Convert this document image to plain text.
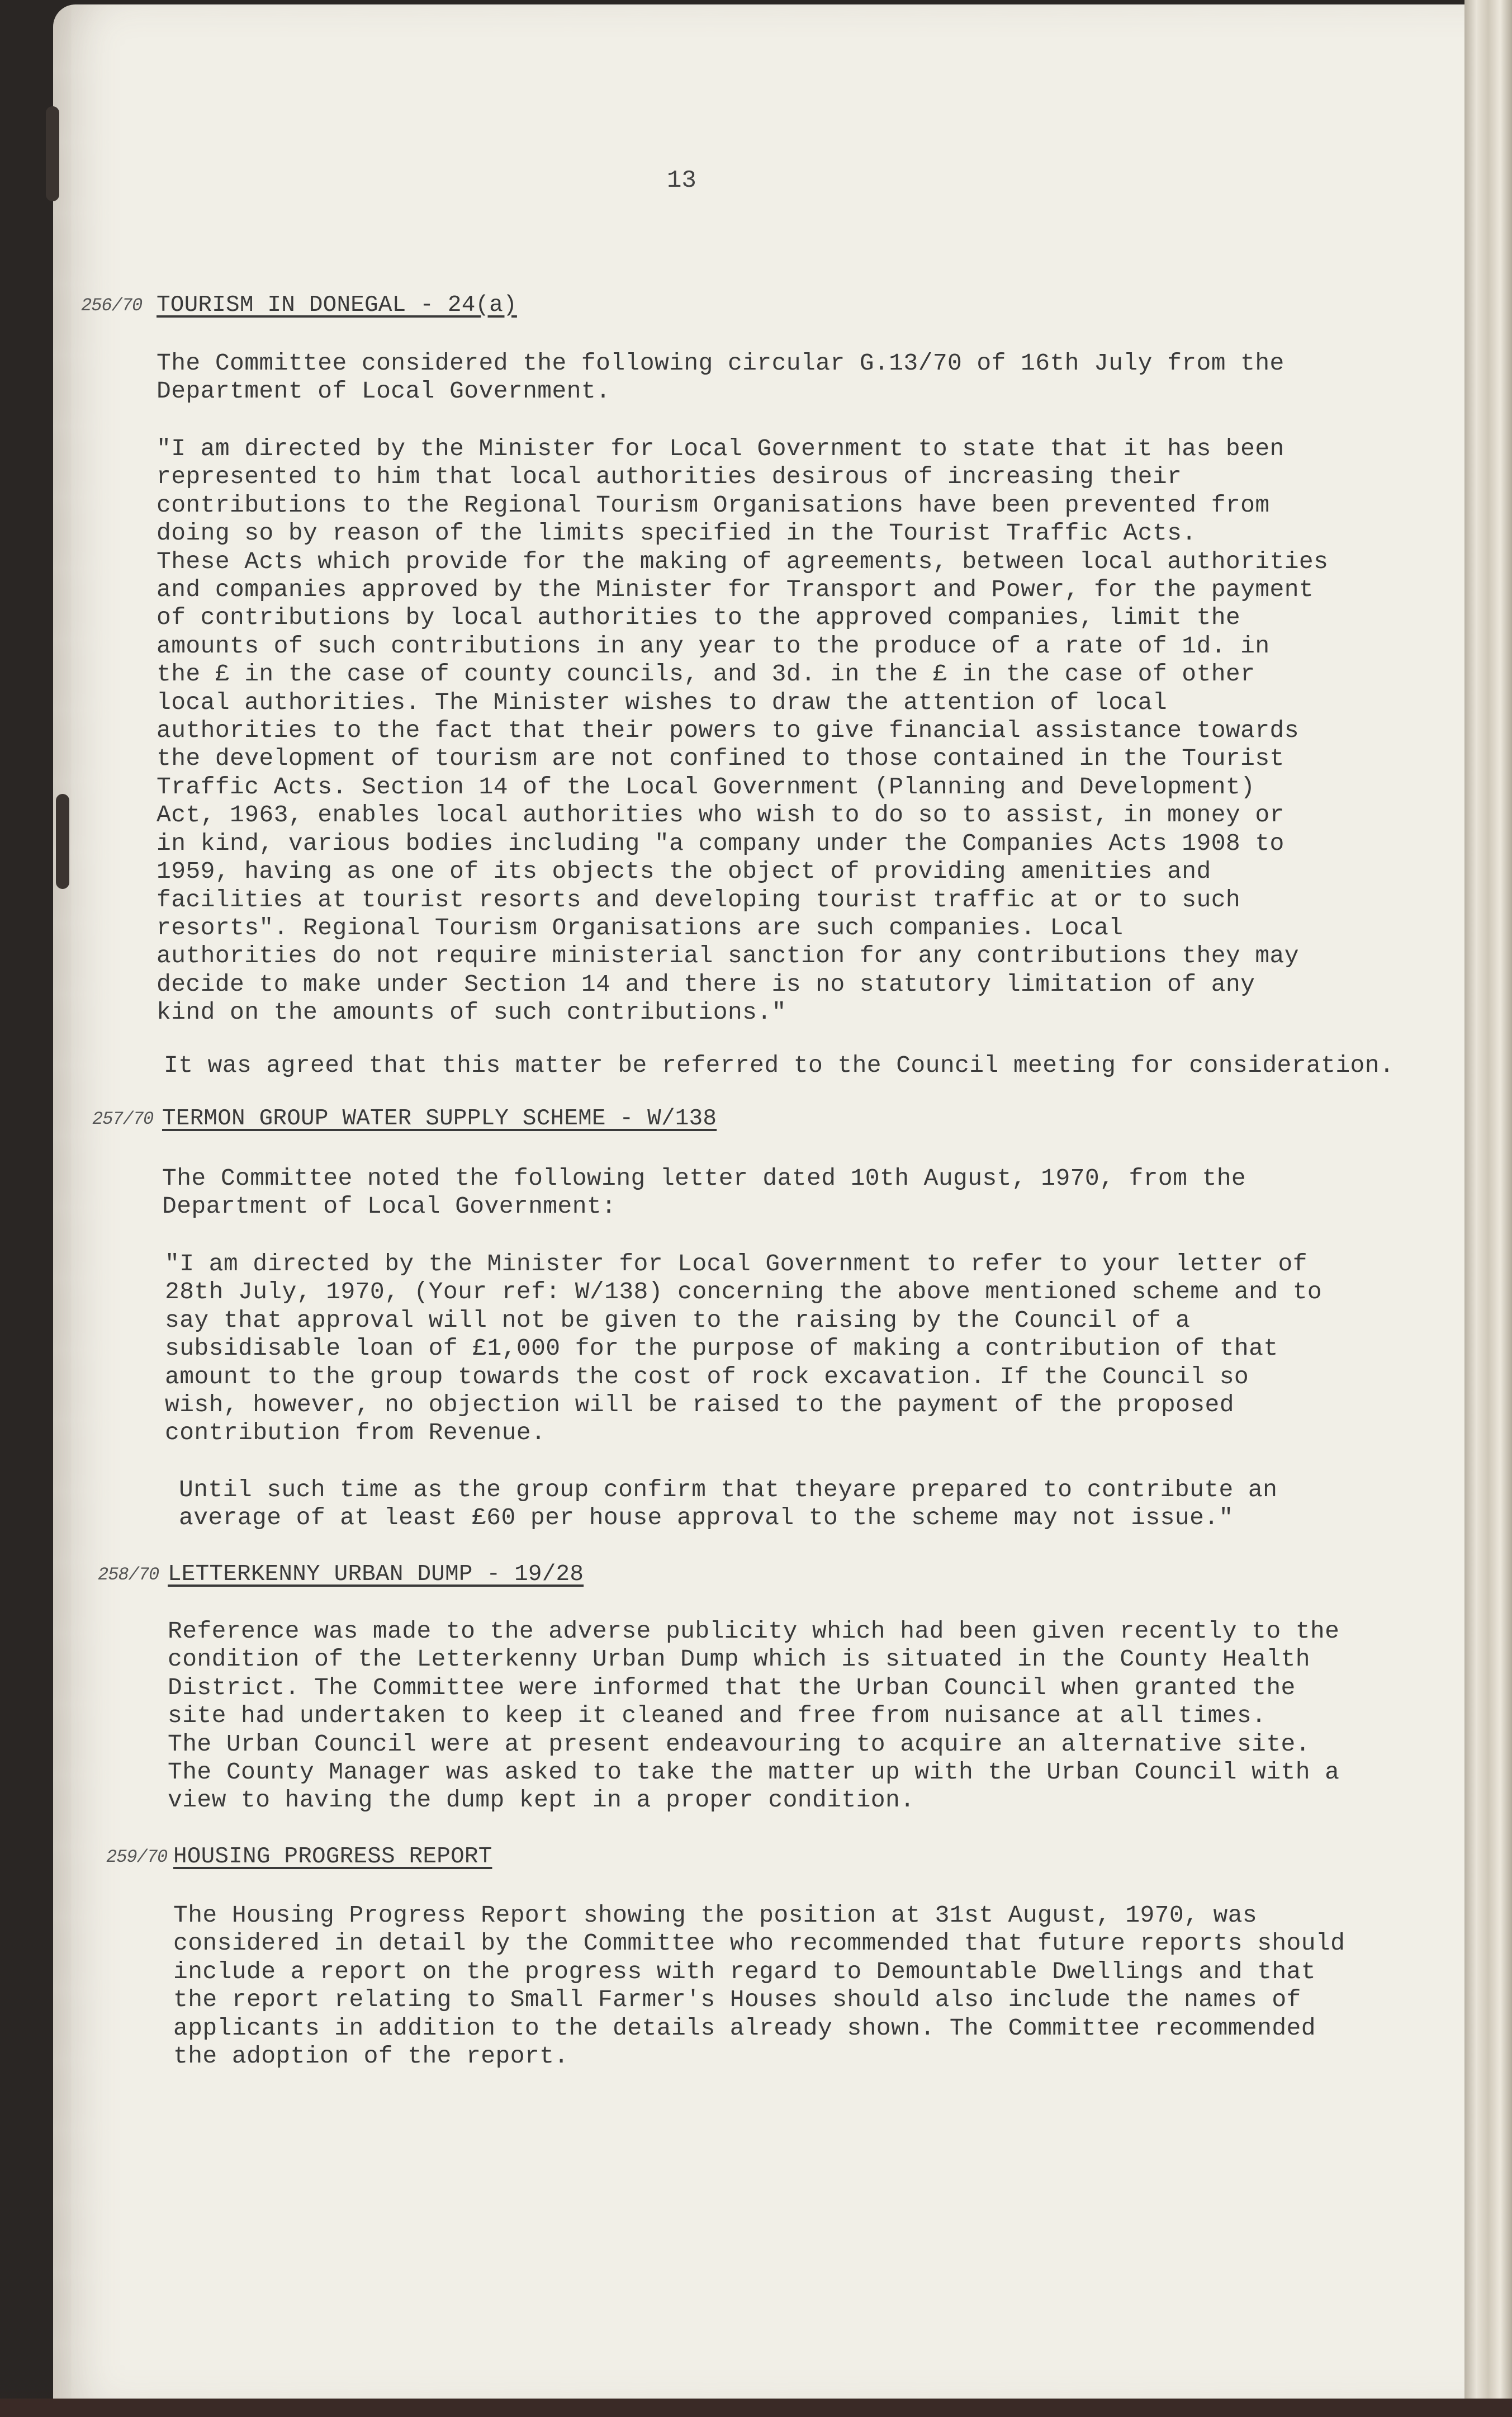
13
256/70 TOURISM IN DONEGAL - 24(a)
The Committee considered the following circular G.13/70 of 16th July from the
Department of Local Government.
"I am directed by the Minister for Local Government to state that it has been
represented to him that local authorities desirous of increasing their
contributions to the Regional Tourism Organisations have been prevented from
doing so by reason of the limits specified in the Tourist Traffic Acts.
These Acts which provide for the making of agreements, between local authorities
and companies approved by the Minister for Transport and Power, for the payment
of contributions by local authorities to the approved companies, limit the
amounts of such contributions in any year to the produce of a rate of 1d. in
the £ in the case of county councils, and 3d. in the £ in the case of other
local authorities. The Minister wishes to draw the attention of local
authorities to the fact that their powers to give financial assistance towards
the development of tourism are not confined to those contained in the Tourist
Traffic Acts. Section 14 of the Local Government (Planning and Development)
Act, 1963, enables local authorities who wish to do so to assist, in money or
in kind, various bodies including "a company under the Companies Acts 1908 to
1959, having as one of its objects the object of providing amenities and
facilities at tourist resorts and developing tourist traffic at or to such
resorts". Regional Tourism Organisations are such companies. Local
authorities do not require ministerial sanction for any contributions they may
decide to make under Section 14 and there is no statutory limitation of any
kind on the amounts of such contributions."
It was agreed that this matter be referred to the Council meeting for consideration.
257/70 TERMON GROUP WATER SUPPLY SCHEME - W/138
The Committee noted the following letter dated 10th August, 1970, from the
Department of Local Government:
"I am directed by the Minister for Local Government to refer to your letter of
28th July, 1970, (Your ref: W/138) concerning the above mentioned scheme and to
say that approval will not be given to the raising by the Council of a
subsidisable loan of £1,000 for the purpose of making a contribution of that
amount to the group towards the cost of rock excavation. If the Council so
wish, however, no objection will be raised to the payment of the proposed
contribution from Revenue.
Until such time as the group confirm that theyare prepared to contribute an
average of at least £60 per house approval to the scheme may not issue."
258/70 LETTERKENNY URBAN DUMP - 19/28
Reference was made to the adverse publicity which had been given recently to the
condition of the Letterkenny Urban Dump which is situated in the County Health
District. The Committee were informed that the Urban Council when granted the
site had undertaken to keep it cleaned and free from nuisance at all times.
The Urban Council were at present endeavouring to acquire an alternative site.
The County Manager was asked to take the matter up with the Urban Council with a
view to having the dump kept in a proper condition.
259/70 HOUSING PROGRESS REPORT
The Housing Progress Report showing the position at 31st August, 1970, was
considered in detail by the Committee who recommended that future reports should
include a report on the progress with regard to Demountable Dwellings and that
the report relating to Small Farmer's Houses should also include the names of
applicants in addition to the details already shown. The Committee recommended
the adoption of the report.
